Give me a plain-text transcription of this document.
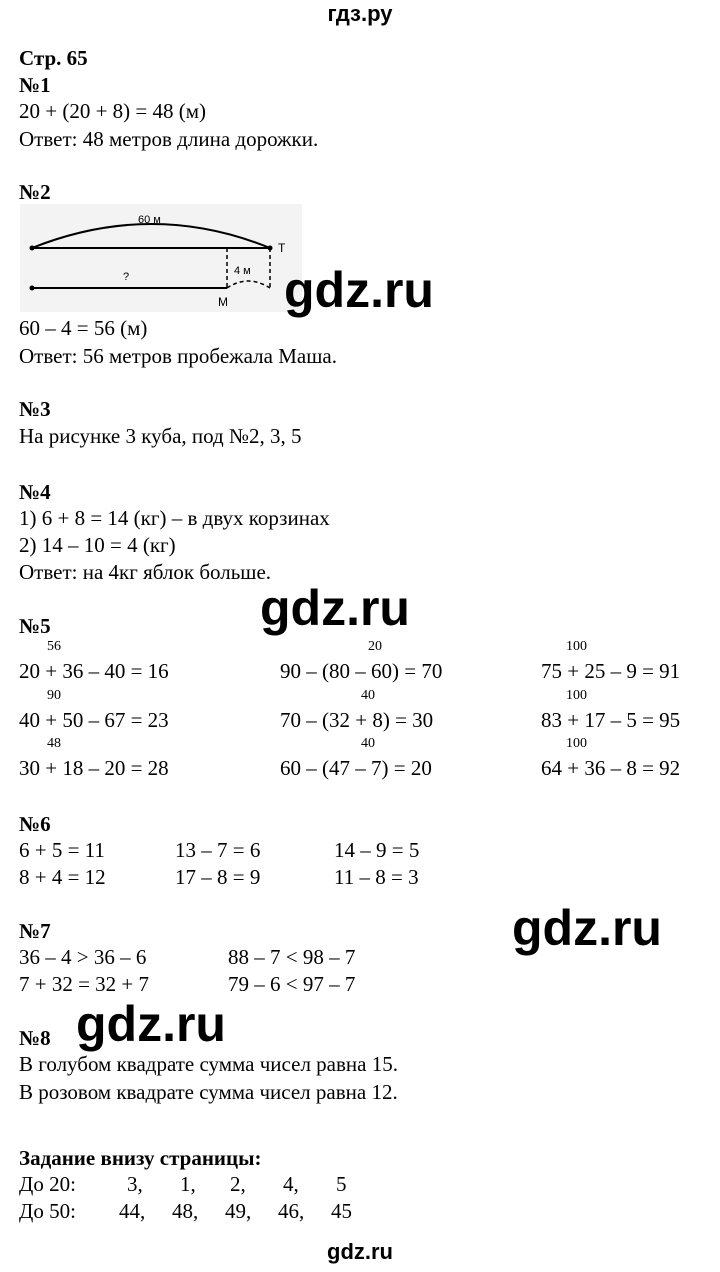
гдз.ру
Стр. 65
№1
20 + (20 + 8) = 48 (м)
Ответ: 48 метров длина дорожки.
№2
60 м
?	4 м
Т
М
60 – 4 = 56 (м)
Ответ: 56 метров пробежала Маша.
№3
На рисунке 3 куба, под №2, 3, 5
№4
1) 6 + 8 = 14 (кг) – в двух корзинах
2) 14 – 10 = 4 (кг)
Ответ: на 4кг яблок больше.
№5
56	20	100
20 + 36 – 40 = 16	90 – (80 – 60) = 70	75 + 25 – 9 = 91
90	40	100
40 + 50 – 67 = 23	70 – (32 + 8) = 30	83 + 17 – 5 = 95
48	40	100
30 + 18 – 20 = 28	60 – (47 – 7) = 20	64 + 36 – 8 = 92
№6
6 + 5 = 11	13 – 7 = 6	14 – 9 = 5
8 + 4 = 12	17 – 8 = 9	11 – 8 = 3
№7
36 – 4 > 36 – 6	88 – 7 < 98 – 7
7 + 32 = 32 + 7	79 – 6 < 97 – 7
№8
В голубом квадрате сумма чисел равна 15.
В розовом квадрате сумма чисел равна 12.
Задание внизу страницы:
До 20: 3, 1, 2, 4, 5
До 50: 44, 48, 49, 46, 45
gdz.ru
gdz.ru
gdz.ru
gdz.ru
gdz.ru
